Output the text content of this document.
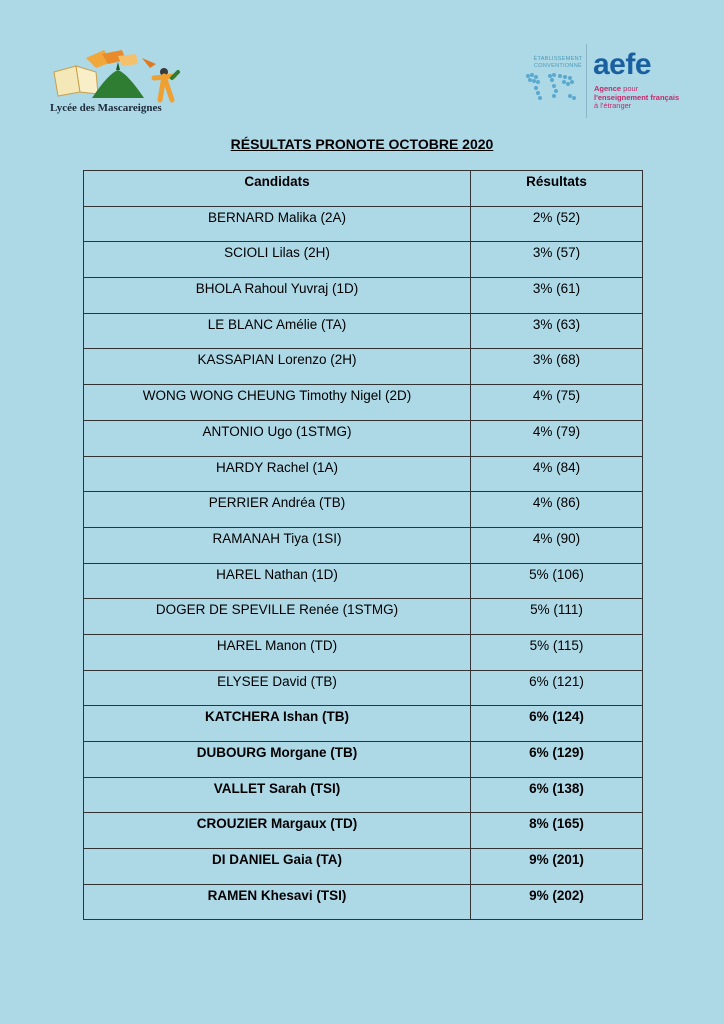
Lycée des Mascareignes
ÉTABLISSEMENT CONVENTIONNÉ aefe
Agence pour
l'enseignement français
à l'étranger
RÉSULTATS PRONOTE OCTOBRE 2020
Candidats	Résultats
BERNARD Malika (2A)	2% (52)
SCIOLI Lilas (2H)	3% (57)
BHOLA Rahoul Yuvraj (1D)	3% (61)
LE BLANC Amélie (TA)	3% (63)
KASSAPIAN Lorenzo (2H)	3% (68)
WONG WONG CHEUNG Timothy Nigel (2D)	4% (75)
ANTONIO Ugo (1STMG)	4% (79)
HARDY Rachel (1A)	4% (84)
PERRIER Andréa (TB)	4% (86)
RAMANAH Tiya (1SI)	4% (90)
HAREL Nathan (1D)	5% (106)
DOGER DE SPEVILLE Renée (1STMG)	5% (111)
HAREL Manon (TD)	5% (115)
ELYSEE David (TB)	6% (121)
KATCHERA Ishan (TB)	6% (124)
DUBOURG Morgane (TB)	6% (129)
VALLET Sarah (TSI)	6% (138)
CROUZIER Margaux (TD)	8% (165)
DI DANIEL Gaia (TA)	9% (201)
RAMEN Khesavi (TSI)	9% (202)
